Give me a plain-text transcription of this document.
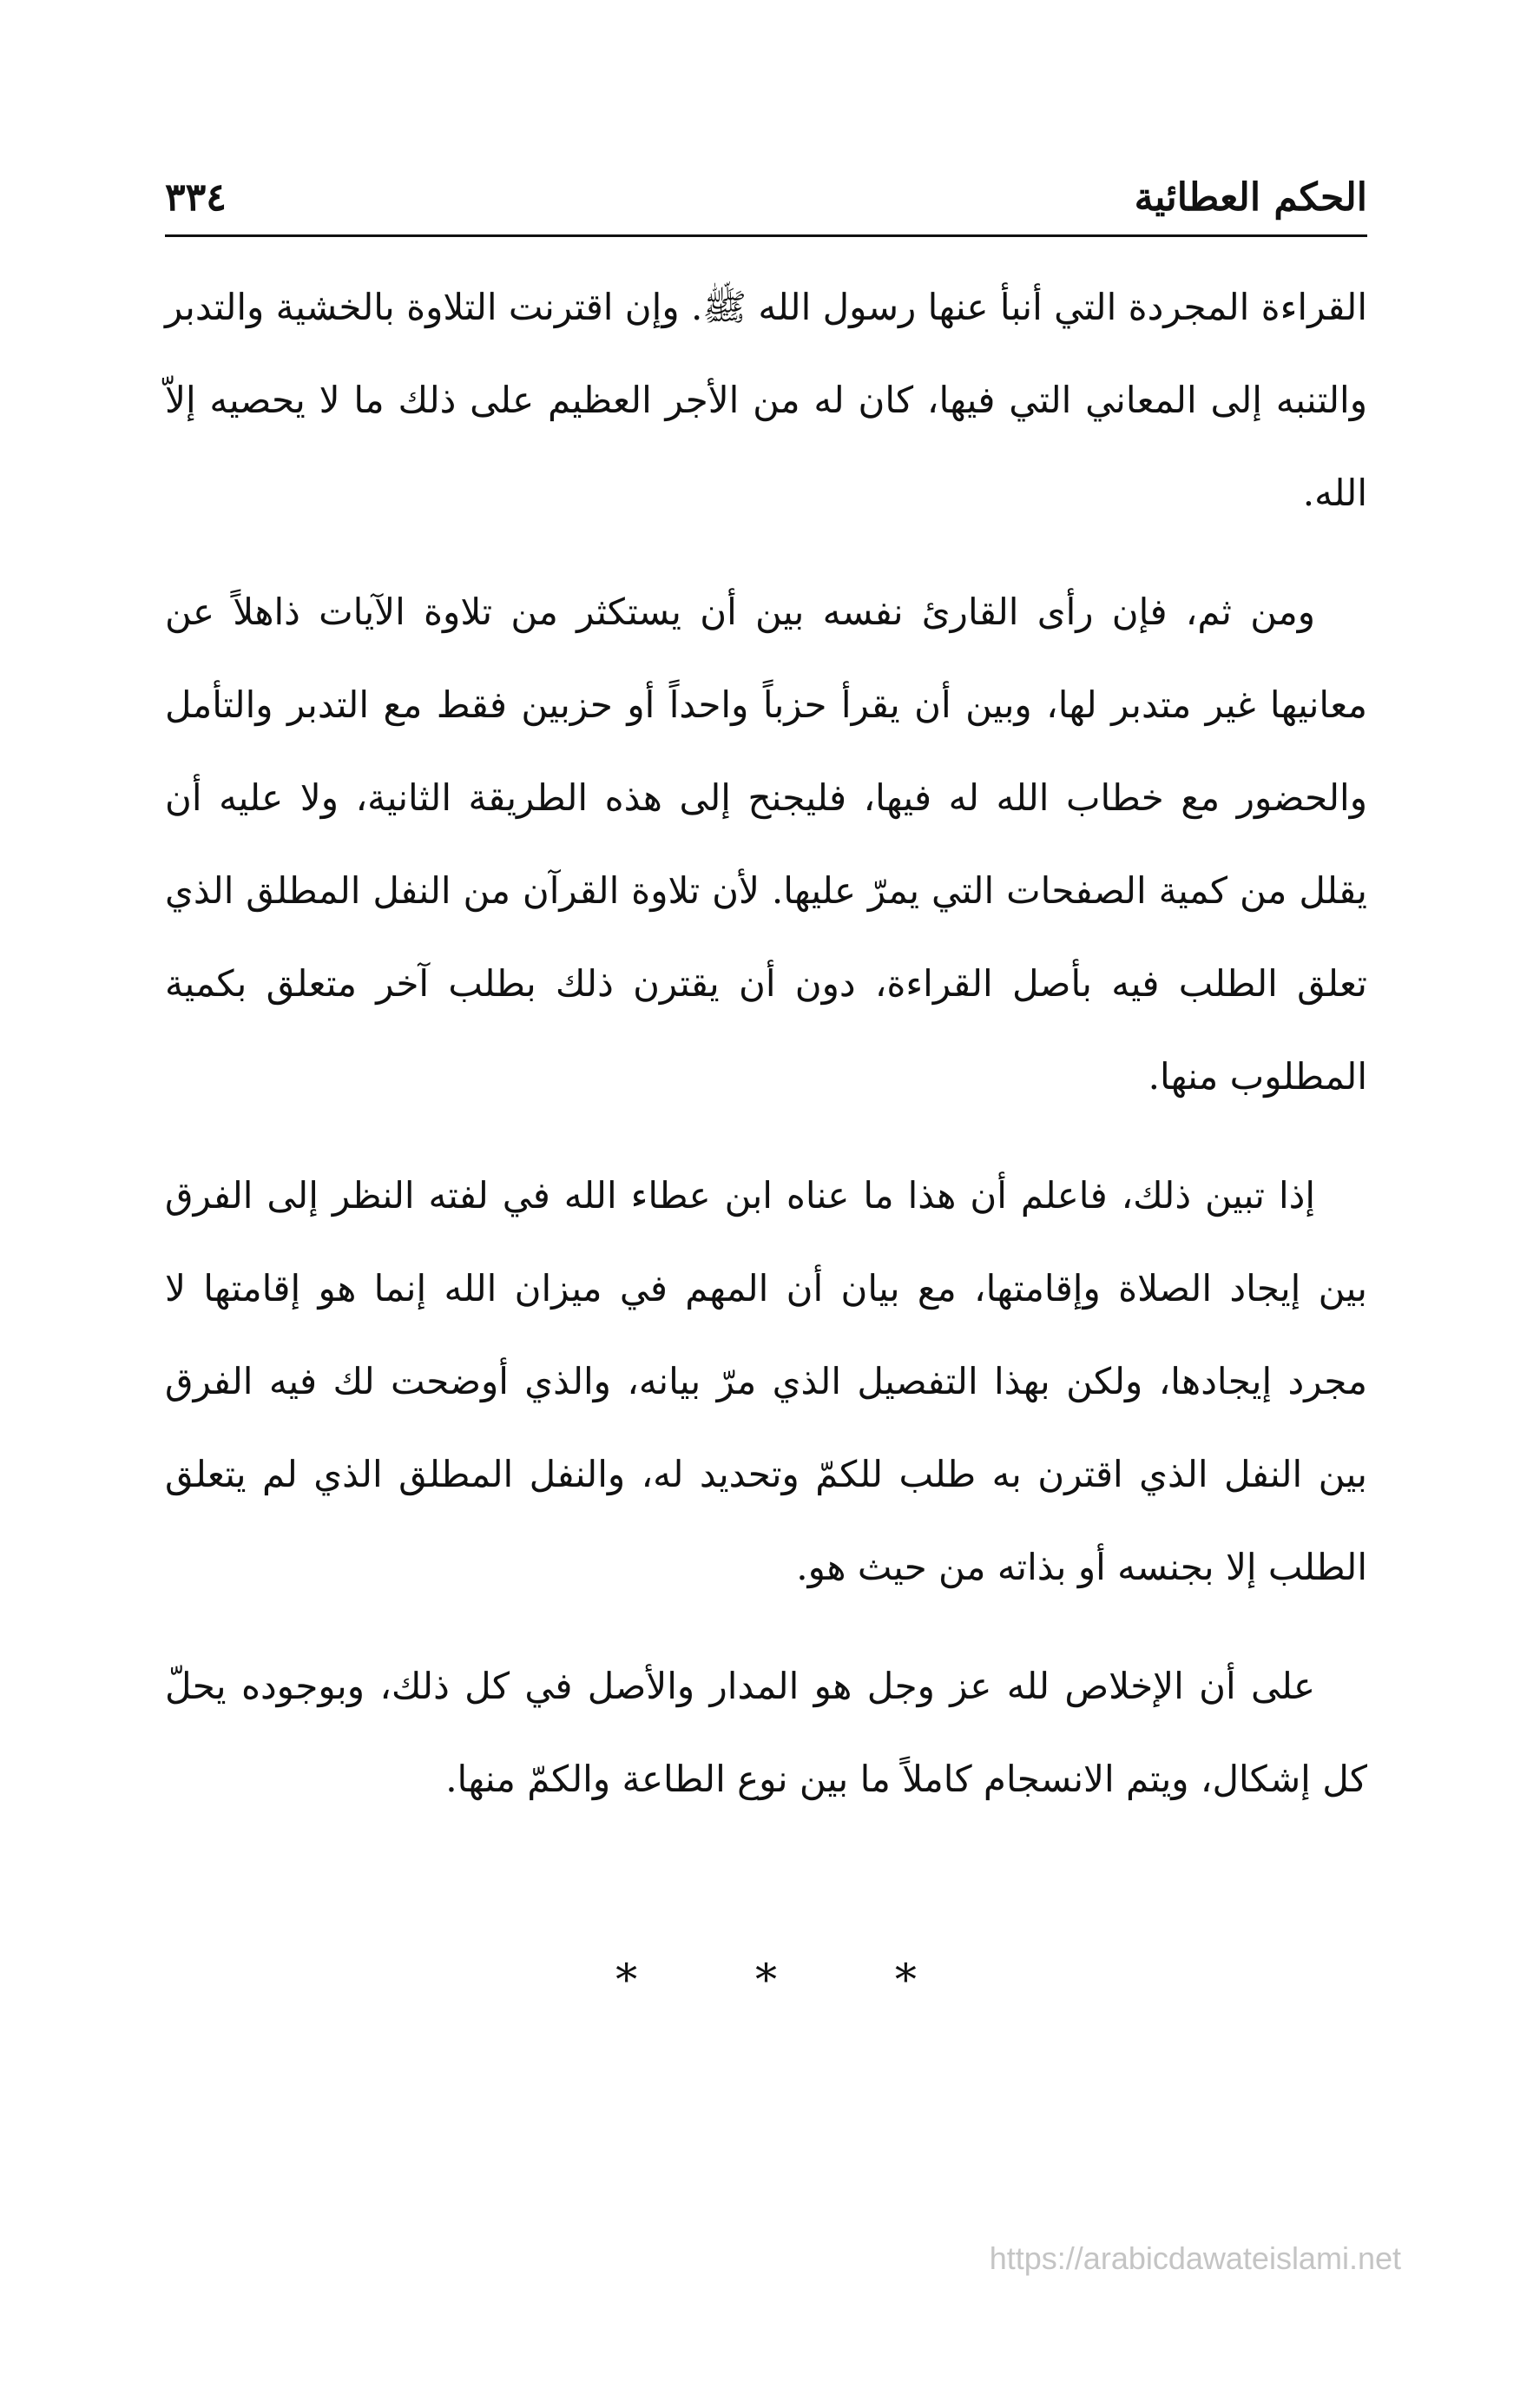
الحكم العطائية
٣٣٤

القراءة المجردة التي أنبأ عنها رسول الله ﷺ. وإن اقترنت التلاوة بالخشية والتدبر والتنبه إلى المعاني التي فيها، كان له من الأجر العظيم على ذلك ما لا يحصيه إلاّ الله.

ومن ثم، فإن رأى القارئ نفسه بين أن يستكثر من تلاوة الآيات ذاهلاً عن معانيها غير متدبر لها، وبين أن يقرأ حزباً واحداً أو حزبين فقط مع التدبر والتأمل والحضور مع خطاب الله له فيها، فليجنح إلى هذه الطريقة الثانية، ولا عليه أن يقلل من كمية الصفحات التي يمرّ عليها. لأن تلاوة القرآن من النفل المطلق الذي تعلق الطلب فيه بأصل القراءة، دون أن يقترن ذلك بطلب آخر متعلق بكمية المطلوب منها.

إذا تبين ذلك، فاعلم أن هذا ما عناه ابن عطاء الله في لفته النظر إلى الفرق بين إيجاد الصلاة وإقامتها، مع بيان أن المهم في ميزان الله إنما هو إقامتها لا مجرد إيجادها، ولكن بهذا التفصيل الذي مرّ بيانه، والذي أوضحت لك فيه الفرق بين النفل الذي اقترن به طلب للكمّ وتحديد له، والنفل المطلق الذي لم يتعلق الطلب إلا بجنسه أو بذاته من حيث هو.

على أن الإخلاص لله عز وجل هو المدار والأصل في كل ذلك، وبوجوده يحلّ كل إشكال، ويتم الانسجام كاملاً ما بين نوع الطاعة والكمّ منها.

* * *
https://arabicdawateislami.net
